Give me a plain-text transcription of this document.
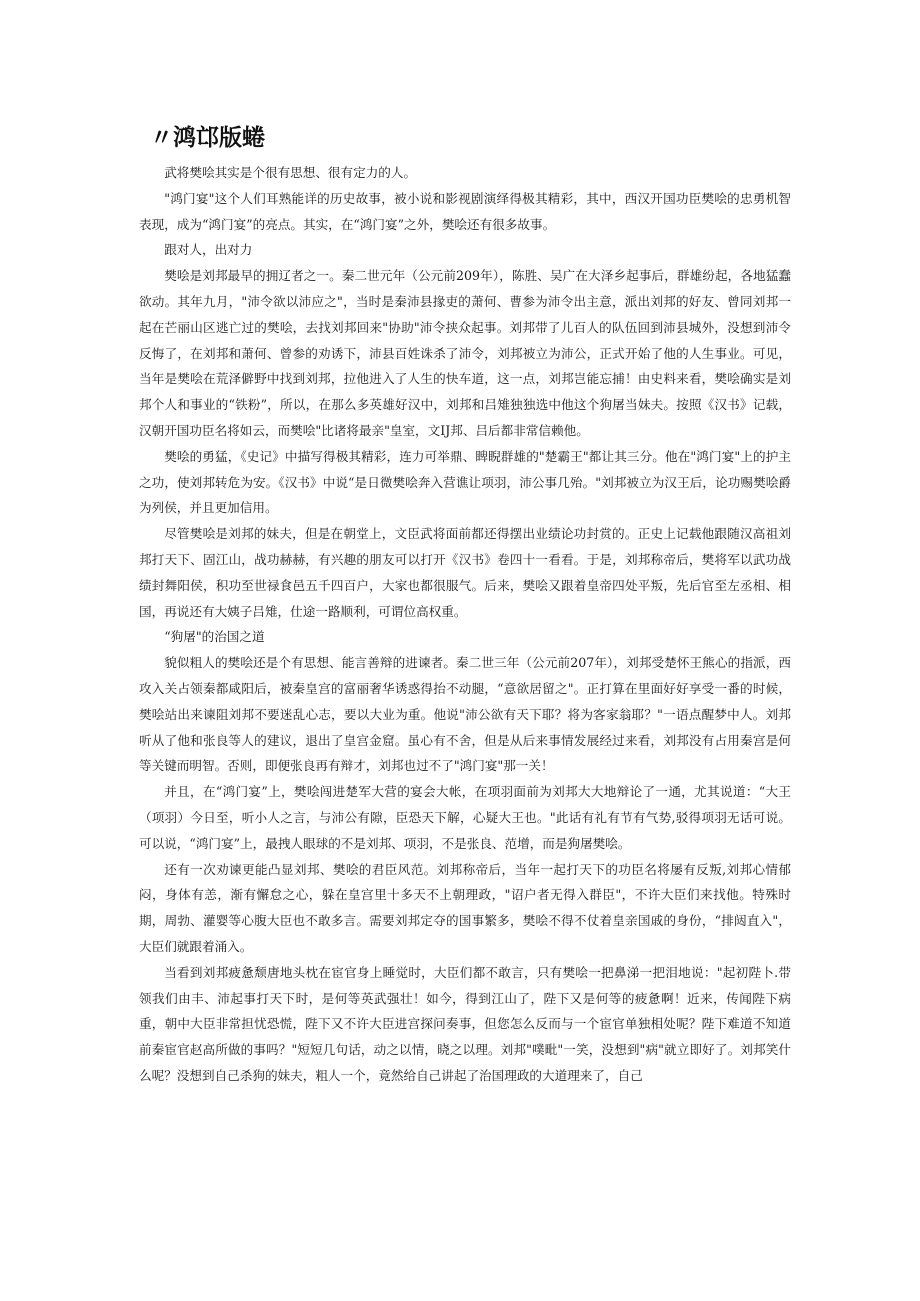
〃鸿邙版蜷

武将樊哙其实是个很有思想、很有定力的人。

"鸿门宴"这个人们耳熟能详的历史故事，被小说和影视剧演绎得极其精彩，其中，西汉开国功臣樊哙的忠勇机智表现，成为“鸿门宴”的亮点。其实，在“鸿门宴”之外，樊哙还有很多故事。

跟对人，出对力

樊哙是刘邦最早的拥辽者之一。秦二世元年（公元前209年），陈胜、吴广在大泽乡起事后，群雄纷起，各地猛蠢欲动。其年九月，"沛令欲以沛应之"，当时是秦沛县掾吏的萧何、曹参为沛令出主意，派出刘邦的好友、曾同刘邦一起在芒丽山区逃亡过的樊哙，去找刘邦回来"协助"沛令挟众起事。刘邦带了儿百人的队伍回到沛县城外，没想到沛令反悔了，在刘邦和萧何、曾参的劝诱下，沛县百姓诛杀了沛令，刘邦被立为沛公，正式开始了他的人生事业。可见，当年是樊哙在荒泽僻野中找到刘邦，拉他进入了人生的快车道，这一点，刘邦岂能忘捕！由史料来看，樊哙确实是刘邦个人和事业的“铁粉”，所以，在那么多英雄好汉中，刘邦和吕雉独独选中他这个狗屠当妹夫。按照《汉书》记载，汉朝开国功臣名将如云，而樊哙"比诸将最亲"皇室，文IJ邦、吕后都非常信赖他。

樊哙的勇猛，《史记》中描写得极其精彩，连力可举鼎、睥睨群雄的"楚霸王"都让其三分。他在"鸿门宴"上的护主之功，使刘邦转危为安。《汉书》中说“是日微樊哙奔入营谯让项羽，沛公事几殆。"刘邦被立为汉王后，论功赐樊哙爵为列侯，并且更加信用。

尽管樊哙是刘邦的妹夫，但是在朝堂上，文臣武将面前都还得摆出业绩论功封赏的。正史上记载他跟随汉高祖刘邦打天下、固江山，战功赫赫，有兴趣的朋友可以打开《汉书》卷四十一看看。于是，刘邦称帝后，樊将军以武功战绩封舞阳侯，积功至世禄食邑五千四百户，大家也都很服气。后来，樊哙又跟着皇帝四处平叛，先后官至左丞相、相国，再说还有大姨子吕雉，仕途一路顺利，可谓位高权重。

“狗屠"的治国之道

貌似粗人的樊哙还是个有思想、能言善辩的进谏者。秦二世三年（公元前207年），刘邦受楚怀王熊心的指派，西攻入关占领秦都咸阳后，被秦皇宫的富丽奢华诱惑得抬不动腿，“意欲居留之"。正打算在里面好好享受一番的时候，樊哙站出来谏阻刘邦不要迷乱心志，要以大业为重。他说"沛公欲有天下耶？将为客家翁耶？"一语点醒梦中人。刘邦听从了他和张良等人的建议，退出了皇宫金窟。虽心有不舍，但是从后来事情发展经过来看，刘邦没有占用秦宫是何等关键而明智。否则，即便张良再有辩才，刘邦也过不了"鸿门宴"那一关！

并且，在“鸿门宴”上，樊哙闯进楚军大营的宴会大帐，在项羽面前为刘邦大大地辩论了一通，尤其说道：“大王（项羽）今日至，听小人之言，与沛公有隙，臣恐天下解，心疑大王也。"此话有礼有节有气势,驳得项羽无话可说。可以说，“鸿门宴”上，最拽人眼球的不是刘邦、项羽，不是张良、范增，而是狗屠樊哙。

还有一次劝谏更能凸显刘邦、樊哙的君臣风范。刘邦称帝后，当年一起打天下的功臣名将屡有反叛,刘邦心情郁闷，身体有恙，渐有懈怠之心，躲在皇宫里十多天不上朝理政，"诏户者无得入群臣"，不许大臣们来找他。特殊时期，周勃、灌婴等心腹大臣也不敢多言。需要刘邦定夺的国事繁多，樊哙不得不仗着皇亲国戚的身份，“排闼直入"，大臣们就跟着涌入。

当看到刘邦疲惫颓唐地头枕在宦官身上睡觉时，大臣们都不敢言，只有樊哙一把鼻涕一把泪地说："起初陛卜.带领我们由丰、沛起事打天下时，是何等英武强壮！如今，得到江山了，陛下又是何等的疲惫啊！近来，传闻陛下病重，朝中大臣非常担忧恐慌，陛下又不许大臣进宫探问奏事，但您怎么反而与一个宦官单独相处呢？陛下难道不知道前秦宦官赵高所做的事吗？"短短几句话，动之以情，晓之以理。刘邦"噗毗"一笑，没想到"病"就立即好了。刘邦笑什么呢？没想到自己杀狗的妹夫，粗人一个，竟然给自己讲起了治国理政的大道理来了，自己
